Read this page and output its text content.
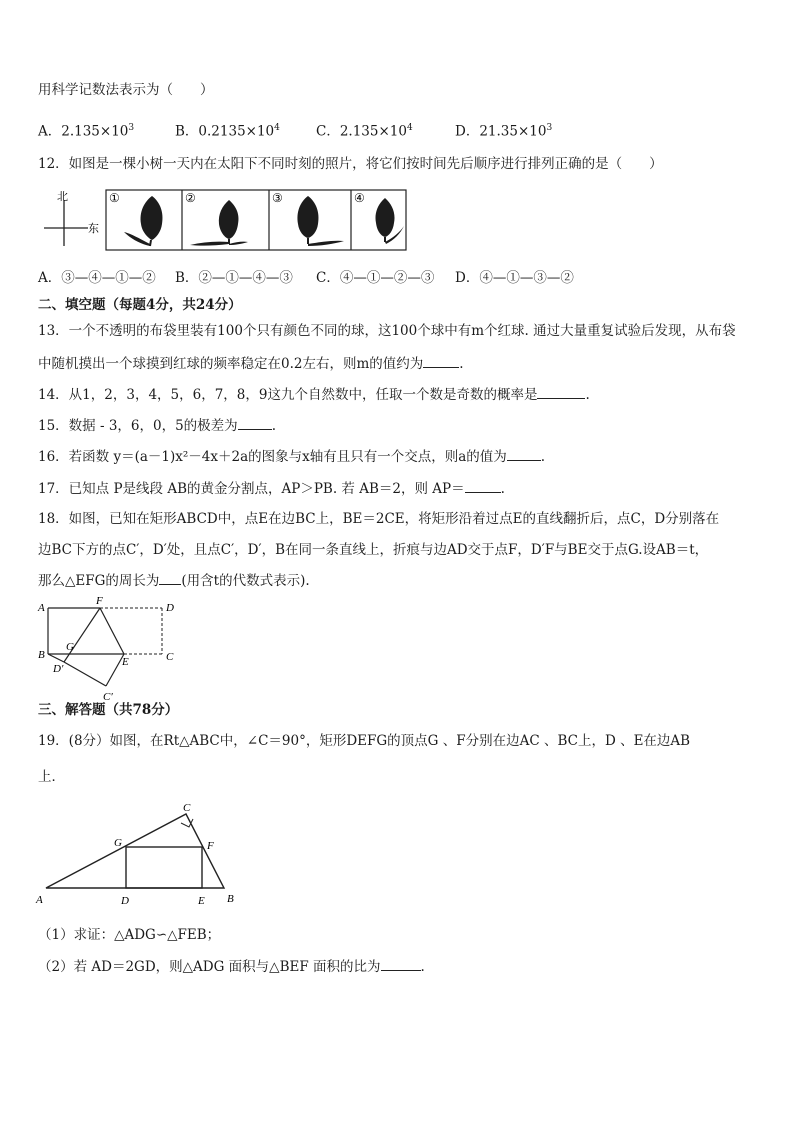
用科学记数法表示为（　　）
A．$2.135\times 10^3$	B．$0.2135\times 10^4$	C．$2.135\times 10^4$	D．$21.35\times 10^3$
12．如图是一棵小树一天内在太阳下不同时刻的照片，将它们按时间先后顺序进行排列正确的是（　　）
北
东
①	②	③	④
A．③—④—①—② B．②—①—④—③ C．④—①—②—③ D．④—①—③—②
二、填空题（每题4分，共24分）
13．一个不透明的布袋里装有100个只有颜色不同的球，这100个球中有m个红球. 通过大量重复试验后发现，从布袋
中随机摸出一个球摸到红球的频率稳定在0.2左右，则m的值约为	.
14．从1，2，3，4，5，6，7，8，9这九个自然数中，任取一个数是奇数的概率是	.
15．数据 - 3，6，0，5的极差为	.
16．若函数 y＝(a－1)x²－4x＋2a的图象与x轴有且只有一个交点，则a的值为	.
17．已知点 P是线段 AB的黄金分割点，AP＞PB. 若 AB＝2，则 AP＝	.
18．如图，已知在矩形ABCD中，点E在边BC上，BE＝2CE，将矩形沿着过点E的直线翻折后，点C，D分别落在
边BC下方的点C′，D′处，且点C′，D′，B在同一条直线上，折痕与边AD交于点F，D′F与BE交于点G.设AB＝t，
那么△EFG的周长为 (用含t的代数式表示).
A
B	C
D
E
F
G
D′
C′
三、解答题（共78分）
19．(8分）如图，在Rt△ABC中，∠C＝90°，矩形DEFG的顶点G 、F分别在边AC 、BC上，D 、E在边AB
上．
A	B
C
D	E
F
G
（1）求证：△ADG∽△FEB；
（2）若 AD＝2GD，则△ADG 面积与△BEF 面积的比为	.
